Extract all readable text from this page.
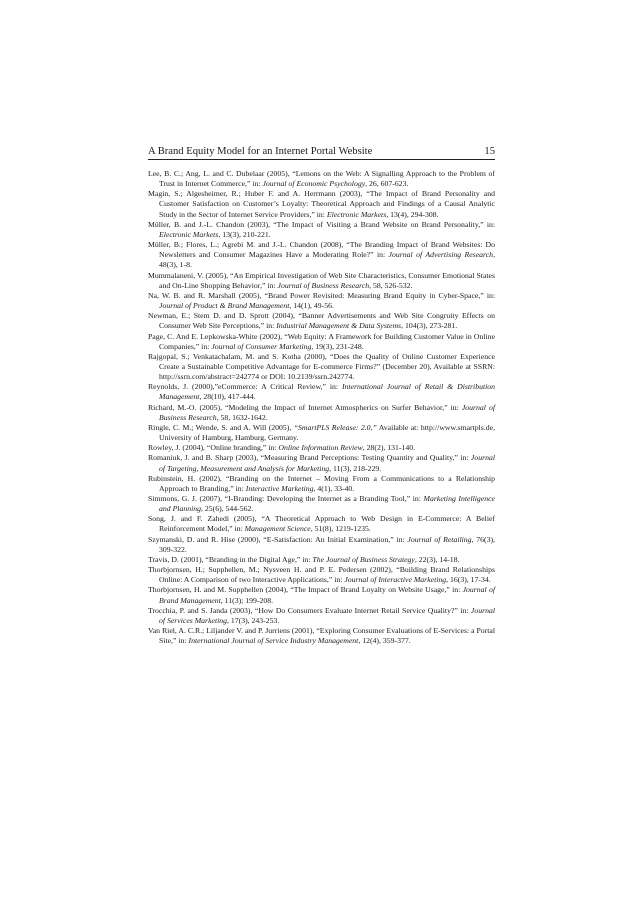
A Brand Equity Model for an Internet Portal Website	15

Lee, B. C.; Ang, L. and C. Dubelaar (2005), “Lemons on the Web: A Signalling Approach to the Problem of Trust in Internet Commerce,” in: Journal of Economic Psychology, 26, 607-623.

Magin, S.; Algesheimer, R.; Huber F. and A. Herrmann (2003), “The Impact of Brand Personality and Customer Satisfaction on Customer’s Loyalty: Theoretical Approach and Findings of a Causal Analytic Study in the Sector of Internet Service Providers,” in: Electronic Markets, 13(4), 294-308.

Müller, B. and J.-L. Chandon (2003), “The Impact of Visiting a Brand Website on Brand Personality,” in: Electronic Markets, 13(3), 210-221.

Müller, B.; Flores, L.; Agrebi M. and J.-L. Chandon (2008), “The Branding Impact of Brand Websites: Do Newsletters and Consumer Magazines Have a Moderating Role?” in: Journal of Advertising Research, 48(3), 1-8.

Mummalaneni, V. (2005), “An Empirical Investigation of Web Site Characteristics, Consumer Emotional States and On-Line Shopping Behavior,” in: Journal of Business Research, 58, 526-532.

Na, W. B. and R. Marshall (2005), “Brand Power Revisited: Measuring Brand Equity in Cyber-Space,” in: Journal of Product & Brand Management, 14(1), 49-56.

Newman, E.; Stem D. and D. Sprott (2004), “Banner Advertisements and Web Site Congruity Effects on Consumer Web Site Perceptions,” in: Industrial Management & Data Systems, 104(3), 273-281.

Page, C. And E. Lepkowska-White (2002), “Web Equity: A Framework for Building Customer Value in Online Companies,” in: Journal of Consumer Marketing, 19(3), 231-248.

Rajgopal, S.; Venkatachalam, M. and S. Kotha (2000), “Does the Quality of Online Customer Experience Create a Sustainable Competitive Advantage for E-commerce Firms?” (December 20), Available at SSRN: http://ssrn.com/abstract=242774 or DOI: 10.2139/ssrn.242774.

Reynolds, J. (2000),”eCommerce: A Critical Review,” in: International Journal of Retail & Distribution Management, 28(10), 417-444.

Richard, M.-O. (2005), “Modeling the Impact of Internet Atmospherics on Surfer Behavior,” in: Journal of Business Research, 58, 1632-1642.

Ringle, C. M.; Wende, S. and A. Will (2005), “SmartPLS Release: 2.0,” Available at: http://www.smartpls.de, University of Hamburg, Hamburg, Germany.

Rowley, J. (2004), “Online branding,” in: Online Information Review, 28(2), 131-140.

Romaniuk, J. and B. Sharp (2003), “Measuring Brand Perceptions: Testing Quantity and Quality,” in: Journal of Targeting, Measurement and Analysis for Marketing, 11(3), 218-229.

Rubinstein, H. (2002), “Branding on the Internet – Moving From a Communications to a Relationship Approach to Branding,” in: Interactive Marketing, 4(1), 33-40.

Simmons, G. J. (2007), “I-Branding: Developing the Internet as a Branding Tool,” in: Marketing Intelligence and Planning, 25(6), 544-562.

Song, J. and F. Zahedi (2005), “A Theoretical Approach to Web Design in E-Commerce: A Belief Reinforcement Model,” in: Management Science, 51(8), 1219-1235.

Szymanski, D. and R. Hise (2000), “E-Satisfaction: An Initial Examination,” in: Journal of Retailing, 76(3), 309-322.

Travis, D. (2001), “Branding in the Digital Age,” in: The Journal of Business Strategy, 22(3), 14-18.

Thorbjornsen, H.; Supphellen, M.; Nysveen H. and P. E. Pedersen (2002), “Building Brand Relationships Online: A Comparison of two Interactive Applications,” in: Journal of Interactive Marketing, 16(3), 17-34.

Thorbjornsen, H. and M. Supphellen (2004), “The Impact of Brand Loyalty on Website Usage,” in: Journal of Brand Management, 11(3); 199-208.

Trocchia, P. and S. Janda (2003), “How Do Consumers Evaluate Internet Retail Service Quality?” in: Journal of Services Marketing, 17(3), 243-253.

Van Riel, A. C.R.; Liljander V. and P. Jurriens (2001), “Exploring Consumer Evaluations of E-Services: a Portal Site,” in: International Journal of Service Industry Management, 12(4), 359-377.
